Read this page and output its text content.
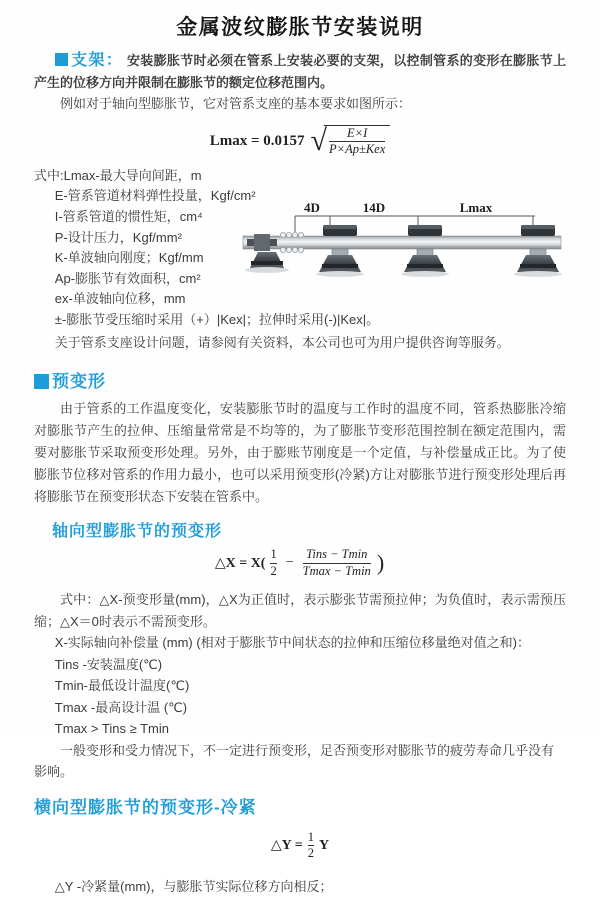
金属波纹膨胀节安装说明

支架： 安装膨胀节时必须在管系上安装必要的支架，以控制管系的变形在膨胀节上产生的位移方向并限制在膨胀节的额定位移范围内。

例如对于轴向型膨胀节，它对管系支座的基本要求如图所示：

Lmax = 0.0157 √
$\frac{E\times I}{\text{P×Ap±Kex}}$

式中:Lmax-最大导向间距，m

E-管系管道材料弹性投量，Kgf/cm²

I-管系管道的惯性矩，cm⁴

P-设计压力，Kgf/mm²

K-单波轴向刚度；Kgf/mm

Ap-膨胀节有效面积，cm²

ex-单波轴向位移，mm

±-膨胀节受压缩时采用（+）|Kex|；拉伸时采用(-)|Kex|。

关于管系支座设计问题，请参阅有关资料，本公司也可为用户提供咨询等服务。

4D	14D	Lmax
预变形

由于管系的工作温度变化，安装膨胀节时的温度与工作时的温度不同，管系热膨胀冷缩对膨胀节产生的拉伸、压缩量常常是不均等的，为了膨胀节变形范围控制在额定范围内，需要对膨胀节采取预变形处理。另外，由于膨账节刚度是一个定值，与补偿量成正比。为了使膨胀节位移对管系的作用力最小，也可以采用预变形(冷紧)方让对膨胀节进行预变形处理后再将膨胀节在预变形状态下安装在管系中。

轴向型膨胀节的预变形
△X = $X( \frac{1}{2} - \frac{\text{Tins − Tmin}}{Tmax - Tmin}$ )

式中：△X-预变形量(mm)，△X为正值时，表示膨张节需预拉伸；为负值时，表示需预压缩；△X＝0时表示不需预变形。

X-实际轴向补偿量 (mm) (相对于膨胀节中间状态的拉伸和压缩位移量绝对值之和)：

Tins -安装温度(℃)

Tmin-最低设计温度(℃)

Tmax -最高设计温 (℃)

Tmax > Tins ≥ Tmin

一般变形和受力情况下，不一定进行预变形，足否预变形对膨胀节的疲劳寿命几乎没有影响。

横向型膨胀节的预变形-冷紧
△Y = $\frac{1}{2}$ Y

△Y -冷紧量(mm)，与膨胀节实际位移方向相反；
